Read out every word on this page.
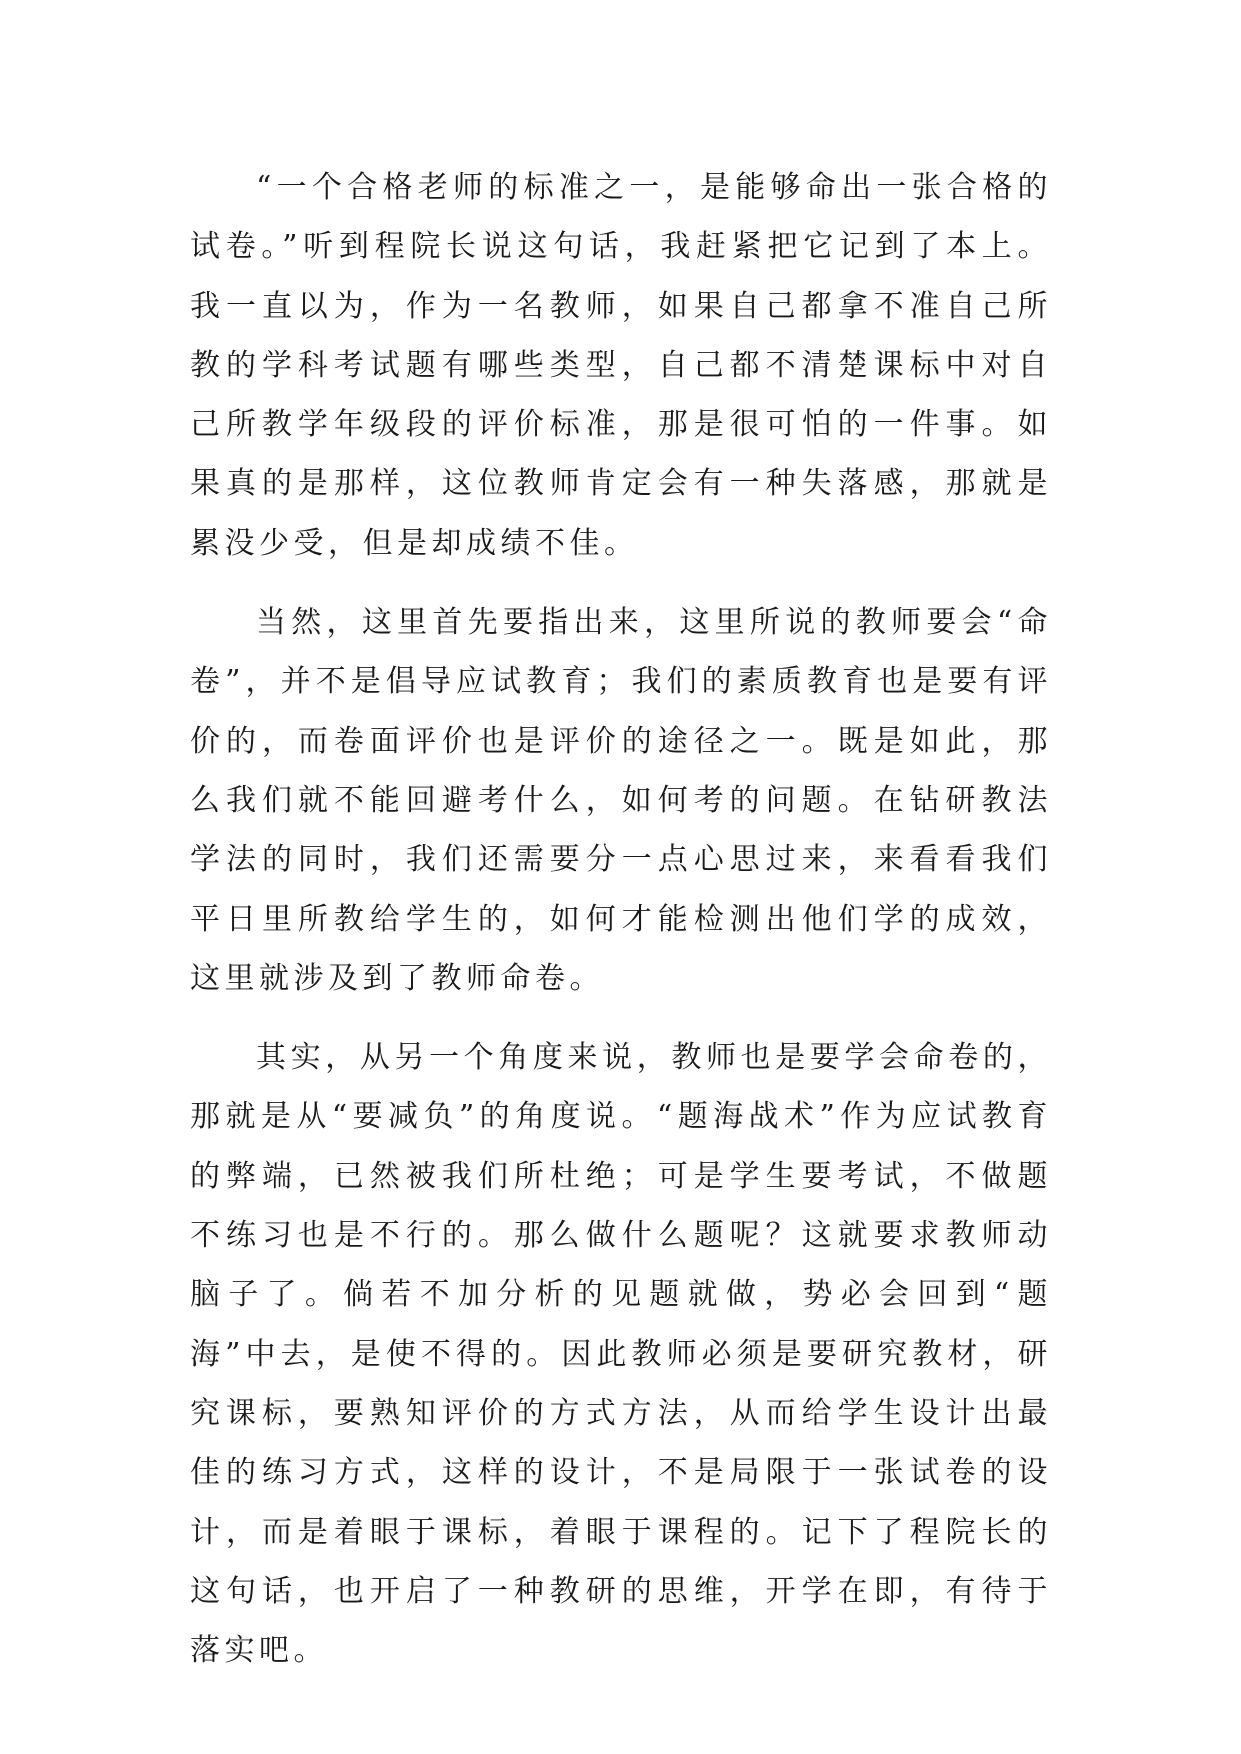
“一个合格老师的标准之一，是能够命出一张合格的试卷。”听到程院长说这句话，我赶紧把它记到了本上。我一直以为，作为一名教师，如果自己都拿不准自己所教的学科考试题有哪些类型，自己都不清楚课标中对自己所教学年级段的评价标准，那是很可怕的一件事。如果真的是那样，这位教师肯定会有一种失落感，那就是累没少受，但是却成绩不佳。

当然，这里首先要指出来，这里所说的教师要会“命卷”，并不是倡导应试教育；我们的素质教育也是要有评价的，而卷面评价也是评价的途径之一。既是如此，那么我们就不能回避考什么，如何考的问题。在钻研教法学法的同时，我们还需要分一点心思过来，来看看我们平日里所教给学生的，如何才能检测出他们学的成效，这里就涉及到了教师命卷。

其实，从另一个角度来说，教师也是要学会命卷的，那就是从“要减负”的角度说。“题海战术”作为应试教育的弊端，已然被我们所杜绝；可是学生要考试，不做题不练习也是不行的。那么做什么题呢？这就要求教师动脑子了。倘若不加分析的见题就做，势必会回到“题海”中去，是使不得的。因此教师必须是要研究教材，研究课标，要熟知评价的方式方法，从而给学生设计出最佳的练习方式，这样的设计，不是局限于一张试卷的设计，而是着眼于课标，着眼于课程的。记下了程院长的这句话，也开启了一种教研的思维，开学在即，有待于落实吧。
